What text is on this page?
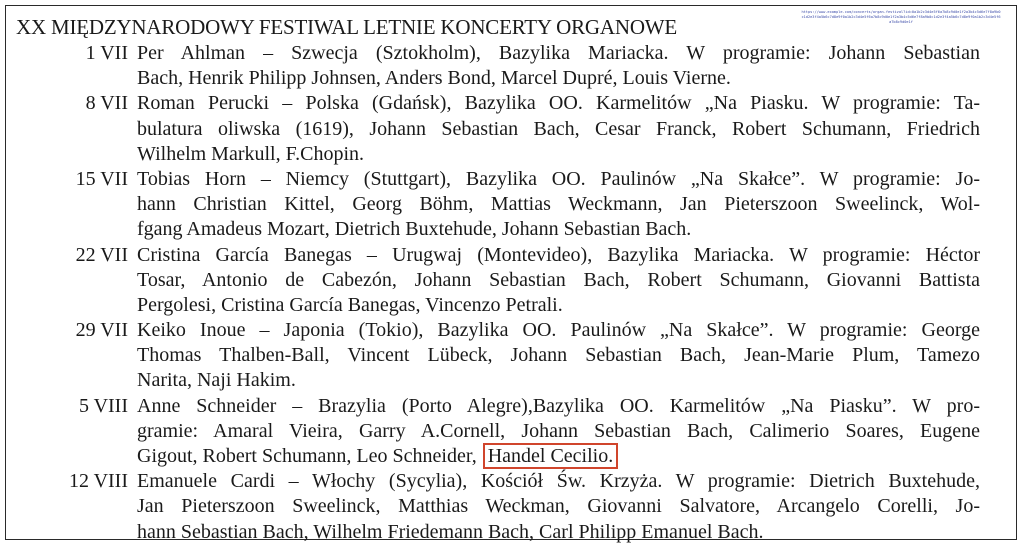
XX MIĘDZYNARODOWY FESTIWAL LETNIE KONCERTY ORGANOWE
https://www.example.com/concerts/organ-festival?id=0a1b2c3d4e5f6a7b8c9d0e1f2a3b4c5d6e7f8a9b0c1d2e3f4a5b6c7d8e9f0a1b2c3d4e5f6a7b8c9d0e1f2a3b4c5d6e7f8a9b0c1d2e3f4a5b6c7d8e9f0a1b2c3d4e5f6a7b8c9d0e1f
1 VII Per Ahlman – Szwecja (Sztokholm), Bazylika Mariacka. W programie: Johann Sebastian
Bach, Henrik Philipp Johnsen, Anders Bond, Marcel Dupré, Louis Vierne.
8 VII Roman Perucki – Polska (Gdańsk), Bazylika OO. Karmelitów „Na Piasku. W programie: Ta-
bulatura oliwska (1619), Johann Sebastian Bach, Cesar Franck, Robert Schumann, Friedrich
Wilhelm Markull, F.Chopin.
15 VII Tobias Horn – Niemcy (Stuttgart), Bazylika OO. Paulinów „Na Skałce”. W programie: Jo-
hann Christian Kittel, Georg Böhm, Mattias Weckmann, Jan Pieterszoon Sweelinck, Wol-
fgang Amadeus Mozart, Dietrich Buxtehude, Johann Sebastian Bach.
22 VII Cristina García Banegas – Urugwaj (Montevideo), Bazylika Mariacka. W programie: Héctor
Tosar, Antonio de Cabezón, Johann Sebastian Bach, Robert Schumann, Giovanni Battista
Pergolesi, Cristina García Banegas, Vincenzo Petrali.
29 VII Keiko Inoue – Japonia (Tokio), Bazylika OO. Paulinów „Na Skałce”. W programie: George
Thomas Thalben-Ball, Vincent Lübeck, Johann Sebastian Bach, Jean-Marie Plum, Tamezo
Narita, Naji Hakim.
5 VIII Anne Schneider – Brazylia (Porto Alegre),Bazylika OO. Karmelitów „Na Piasku”. W pro-
gramie: Amaral Vieira, Garry A.Cornell, Johann Sebastian Bach, Calimerio Soares, Eugene
Gigout, Robert Schumann, Leo Schneider, Handel Cecilio.
12 VIII Emanuele Cardi – Włochy (Sycylia), Kościół Św. Krzyża. W programie: Dietrich Buxtehude,
Jan Pieterszoon Sweelinck, Matthias Weckman, Giovanni Salvatore, Arcangelo Corelli, Jo-
hann Sebastian Bach, Wilhelm Friedemann Bach, Carl Philipp Emanuel Bach.
